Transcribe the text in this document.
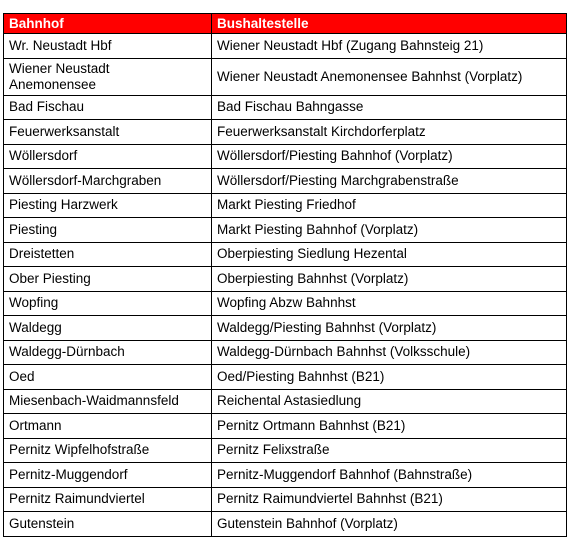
Bahnhof	Bushaltestelle
Wr. Neustadt Hbf	Wiener Neustadt Hbf (Zugang Bahnsteig 21)
Wiener Neustadt
Anemonensee	Wiener Neustadt Anemonensee Bahnhst (Vorplatz)
Bad Fischau	Bad Fischau Bahngasse
Feuerwerksanstalt	Feuerwerksanstalt Kirchdorferplatz
Wöllersdorf	Wöllersdorf/Piesting Bahnhof (Vorplatz)
Wöllersdorf-Marchgraben	Wöllersdorf/Piesting Marchgrabenstraße
Piesting Harzwerk	Markt Piesting Friedhof
Piesting	Markt Piesting Bahnhof (Vorplatz)
Dreistetten	Oberpiesting Siedlung Hezental
Ober Piesting	Oberpiesting Bahnhst (Vorplatz)
Wopfing	Wopfing Abzw Bahnhst
Waldegg	Waldegg/Piesting Bahnhst (Vorplatz)
Waldegg-Dürnbach	Waldegg-Dürnbach Bahnhst (Volksschule)
Oed	Oed/Piesting Bahnhst (B21)
Miesenbach-Waidmannsfeld	Reichental Astasiedlung
Ortmann	Pernitz Ortmann Bahnhst (B21)
Pernitz Wipfelhofstraße	Pernitz Felixstraße
Pernitz-Muggendorf	Pernitz-Muggendorf Bahnhof (Bahnstraße)
Pernitz Raimundviertel	Pernitz Raimundviertel Bahnhst (B21)
Gutenstein	Gutenstein Bahnhof (Vorplatz)
